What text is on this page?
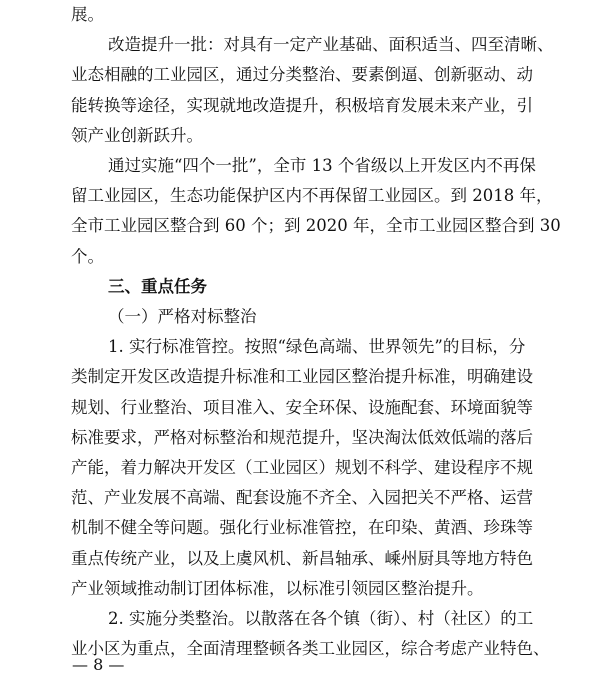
展。
改造提升一批：对具有一定产业基础、面积适当、四至清晰、
业态相融的工业园区，通过分类整治、要素倒逼、创新驱动、动
能转换等途径，实现就地改造提升，积极培育发展未来产业，引
领产业创新跃升。
通过实施“四个一批”，全市 13 个省级以上开发区内不再保
留工业园区，生态功能保护区内不再保留工业园区。到 2018 年，
全市工业园区整合到 60 个；到 2020 年，全市工业园区整合到 30
个。
三、重点任务
（一）严格对标整治
1. 实行标准管控。按照“绿色高端、世界领先”的目标，分
类制定开发区改造提升标准和工业园区整治提升标准，明确建设
规划、行业整治、项目准入、安全环保、设施配套、环境面貌等
标准要求，严格对标整治和规范提升，坚决淘汰低效低端的落后
产能，着力解决开发区（工业园区）规划不科学、建设程序不规
范、产业发展不高端、配套设施不齐全、入园把关不严格、运营
机制不健全等问题。强化行业标准管控，在印染、黄酒、珍珠等
重点传统产业，以及上虞风机、新昌轴承、嵊州厨具等地方特色
产业领域推动制订团体标准，以标准引领园区整治提升。
2. 实施分类整治。以散落在各个镇（街）、村（社区）的工
业小区为重点，全面清理整顿各类工业园区，综合考虑产业特色、
— 8 —
